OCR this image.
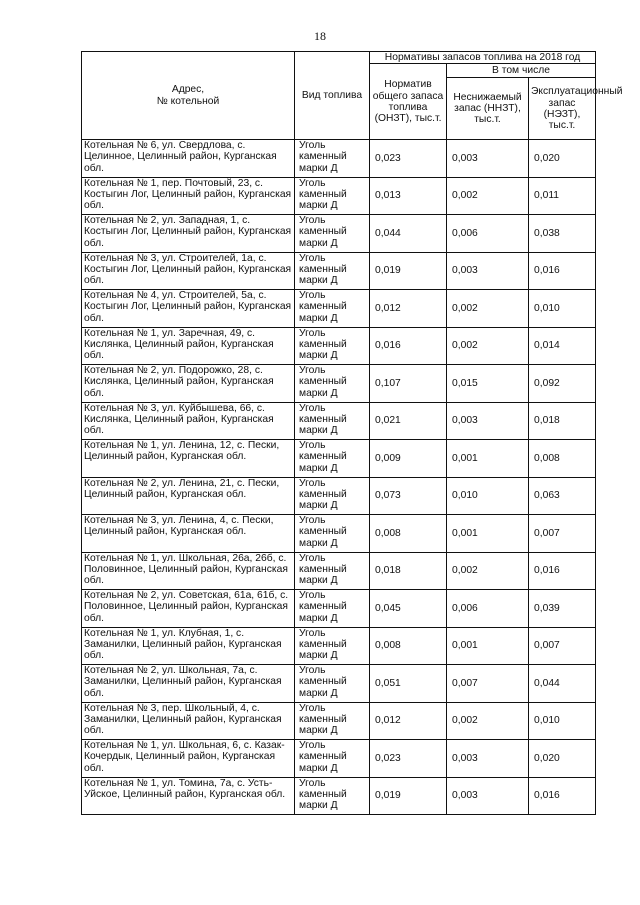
18
Адрес,
№ котельной	Вид топлива	Нормативы запасов топлива на 2018 год		
		Норматив общего запаса топлива (ОНЗТ), тыс.т.	В том числе	
			Неснижаемый запас (ННЗТ), тыс.т.	Эксплуатационный запас (НЭЗТ), тыс.т.
Котельная № 6, ул. Свердлова, с. Целинное, Целинный район, Курганская обл.	Уголь каменный марки Д	0,023	0,003	0,020
Котельная № 1, пер. Почтовый, 23, с. Костыгин Лог, Целинный район, Курганская обл.	Уголь каменный марки Д	0,013	0,002	0,011
Котельная № 2, ул. Западная, 1, с. Костыгин Лог, Целинный район, Курганская обл.	Уголь каменный марки Д	0,044	0,006	0,038
Котельная № 3, ул. Строителей, 1а, с. Костыгин Лог, Целинный район, Курганская обл.	Уголь каменный марки Д	0,019	0,003	0,016
Котельная № 4, ул. Строителей, 5а, с. Костыгин Лог, Целинный район, Курганская обл.	Уголь каменный марки Д	0,012	0,002	0,010
Котельная № 1, ул. Заречная, 49, с. Кислянка, Целинный район, Курганская обл.	Уголь каменный марки Д	0,016	0,002	0,014
Котельная № 2, ул. Подорожко, 28, с. Кислянка, Целинный район, Курганская обл.	Уголь каменный марки Д	0,107	0,015	0,092
Котельная № 3, ул. Куйбышева, 66, с. Кислянка, Целинный район, Курганская обл.	Уголь каменный марки Д	0,021	0,003	0,018
Котельная № 1, ул. Ленина, 12, с. Пески, Целинный район, Курганская обл.	Уголь каменный марки Д	0,009	0,001	0,008
Котельная № 2, ул. Ленина, 21, с. Пески, Целинный район, Курганская обл.	Уголь каменный марки Д	0,073	0,010	0,063
Котельная № 3, ул. Ленина, 4, с. Пески, Целинный район, Курганская обл.	Уголь каменный марки Д	0,008	0,001	0,007
Котельная № 1, ул. Школьная, 26а, 26б, с. Половинное, Целинный район, Курганская обл.	Уголь каменный марки Д	0,018	0,002	0,016
Котельная № 2, ул. Советская, 61а, 61б, с. Половинное, Целинный район, Курганская обл.	Уголь каменный марки Д	0,045	0,006	0,039
Котельная № 1, ул. Клубная, 1, с. Заманилки, Целинный район, Курганская обл.	Уголь каменный марки Д	0,008	0,001	0,007
Котельная № 2, ул. Школьная, 7а, с. Заманилки, Целинный район, Курганская обл.	Уголь каменный марки Д	0,051	0,007	0,044
Котельная № 3, пер. Школьный, 4, с. Заманилки, Целинный район, Курганская обл.	Уголь каменный марки Д	0,012	0,002	0,010
Котельная № 1, ул. Школьная, 6, с. Казак-Кочердык, Целинный район, Курганская обл.	Уголь каменный марки Д	0,023	0,003	0,020
Котельная № 1, ул. Томина, 7а, с. Усть-Уйское, Целинный район, Курганская обл.	Уголь каменный марки Д	0,019	0,003	0,016
